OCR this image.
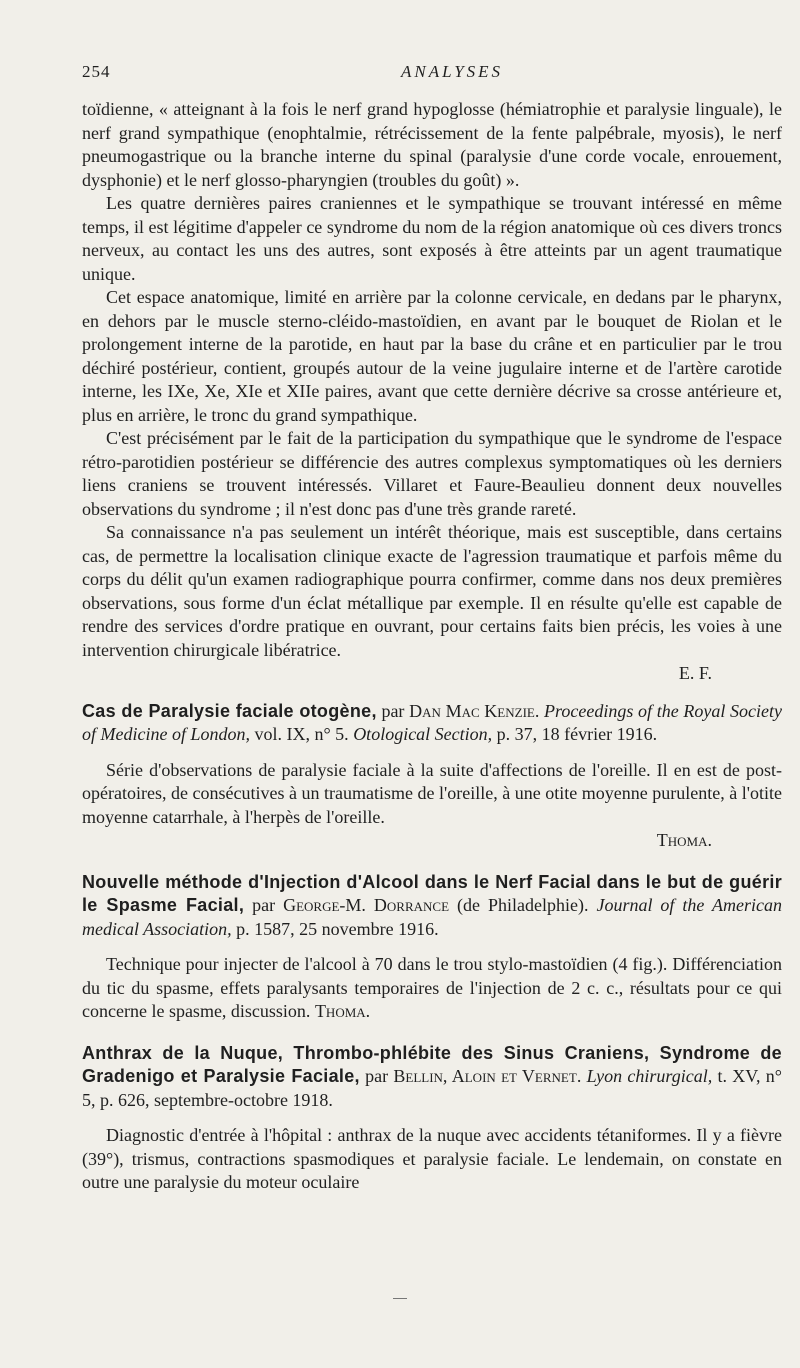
254	ANALYSES

toïdienne, « atteignant à la fois le nerf grand hypoglosse (hémiatrophie et paralysie linguale), le nerf grand sympathique (enophtalmie, rétrécissement de la fente palpébrale, myosis), le nerf pneumogastrique ou la branche interne du spinal (paralysie d'une corde vocale, enrouement, dysphonie) et le nerf glosso-pharyngien (troubles du goût) ».

Les quatre dernières paires craniennes et le sympathique se trouvant intéressé en même temps, il est légitime d'appeler ce syndrome du nom de la région anatomique où ces divers troncs nerveux, au contact les uns des autres, sont exposés à être atteints par un agent traumatique unique.

Cet espace anatomique, limité en arrière par la colonne cervicale, en dedans par le pharynx, en dehors par le muscle sterno-cléido-mastoïdien, en avant par le bouquet de Riolan et le prolongement interne de la parotide, en haut par la base du crâne et en particulier par le trou déchiré postérieur, contient, groupés autour de la veine jugulaire interne et de l'artère carotide interne, les IXe, Xe, XIe et XIIe paires, avant que cette dernière décrive sa crosse antérieure et, plus en arrière, le tronc du grand sympathique.

C'est précisément par le fait de la participation du sympathique que le syndrome de l'espace rétro-parotidien postérieur se différencie des autres complexus symptomatiques où les derniers liens craniens se trouvent intéressés. Villaret et Faure-Beaulieu donnent deux nouvelles observations du syndrome ; il n'est donc pas d'une très grande rareté.

Sa connaissance n'a pas seulement un intérêt théorique, mais est susceptible, dans certains cas, de permettre la localisation clinique exacte de l'agression traumatique et parfois même du corps du délit qu'un examen radiographique pourra confirmer, comme dans nos deux premières observations, sous forme d'un éclat métallique par exemple. Il en résulte qu'elle est capable de rendre des services d'ordre pratique en ouvrant, pour certains faits bien précis, les voies à une intervention chirurgicale libératrice.

E. F.

Cas de Paralysie faciale otogène, par Dan Mac Kenzie. Proceedings of the Royal Society of Medicine of London, vol. IX, n° 5. Otological Section, p. 37, 18 février 1916.

Série d'observations de paralysie faciale à la suite d'affections de l'oreille. Il en est de post-opératoires, de consécutives à un traumatisme de l'oreille, à une otite moyenne purulente, à l'otite moyenne catarrhale, à l'herpès de l'oreille.

Thoma.

Nouvelle méthode d'Injection d'Alcool dans le Nerf Facial dans le but de guérir le Spasme Facial, par George-M. Dorrance (de Philadelphie). Journal of the American medical Association, p. 1587, 25 novembre 1916.

Technique pour injecter de l'alcool à 70 dans le trou stylo-mastoïdien (4 fig.). Différenciation du tic du spasme, effets paralysants temporaires de l'injection de 2 c. c., résultats pour ce qui concerne le spasme, discussion. Thoma.

Anthrax de la Nuque, Thrombo-phlébite des Sinus Craniens, Syndrome de Gradenigo et Paralysie Faciale, par Bellin, Aloin et Vernet. Lyon chirurgical, t. XV, n° 5, p. 626, septembre-octobre 1918.

Diagnostic d'entrée à l'hôpital : anthrax de la nuque avec accidents tétaniformes. Il y a fièvre (39°), trismus, contractions spasmodiques et paralysie faciale. Le lendemain, on constate en outre une paralysie du moteur oculaire
